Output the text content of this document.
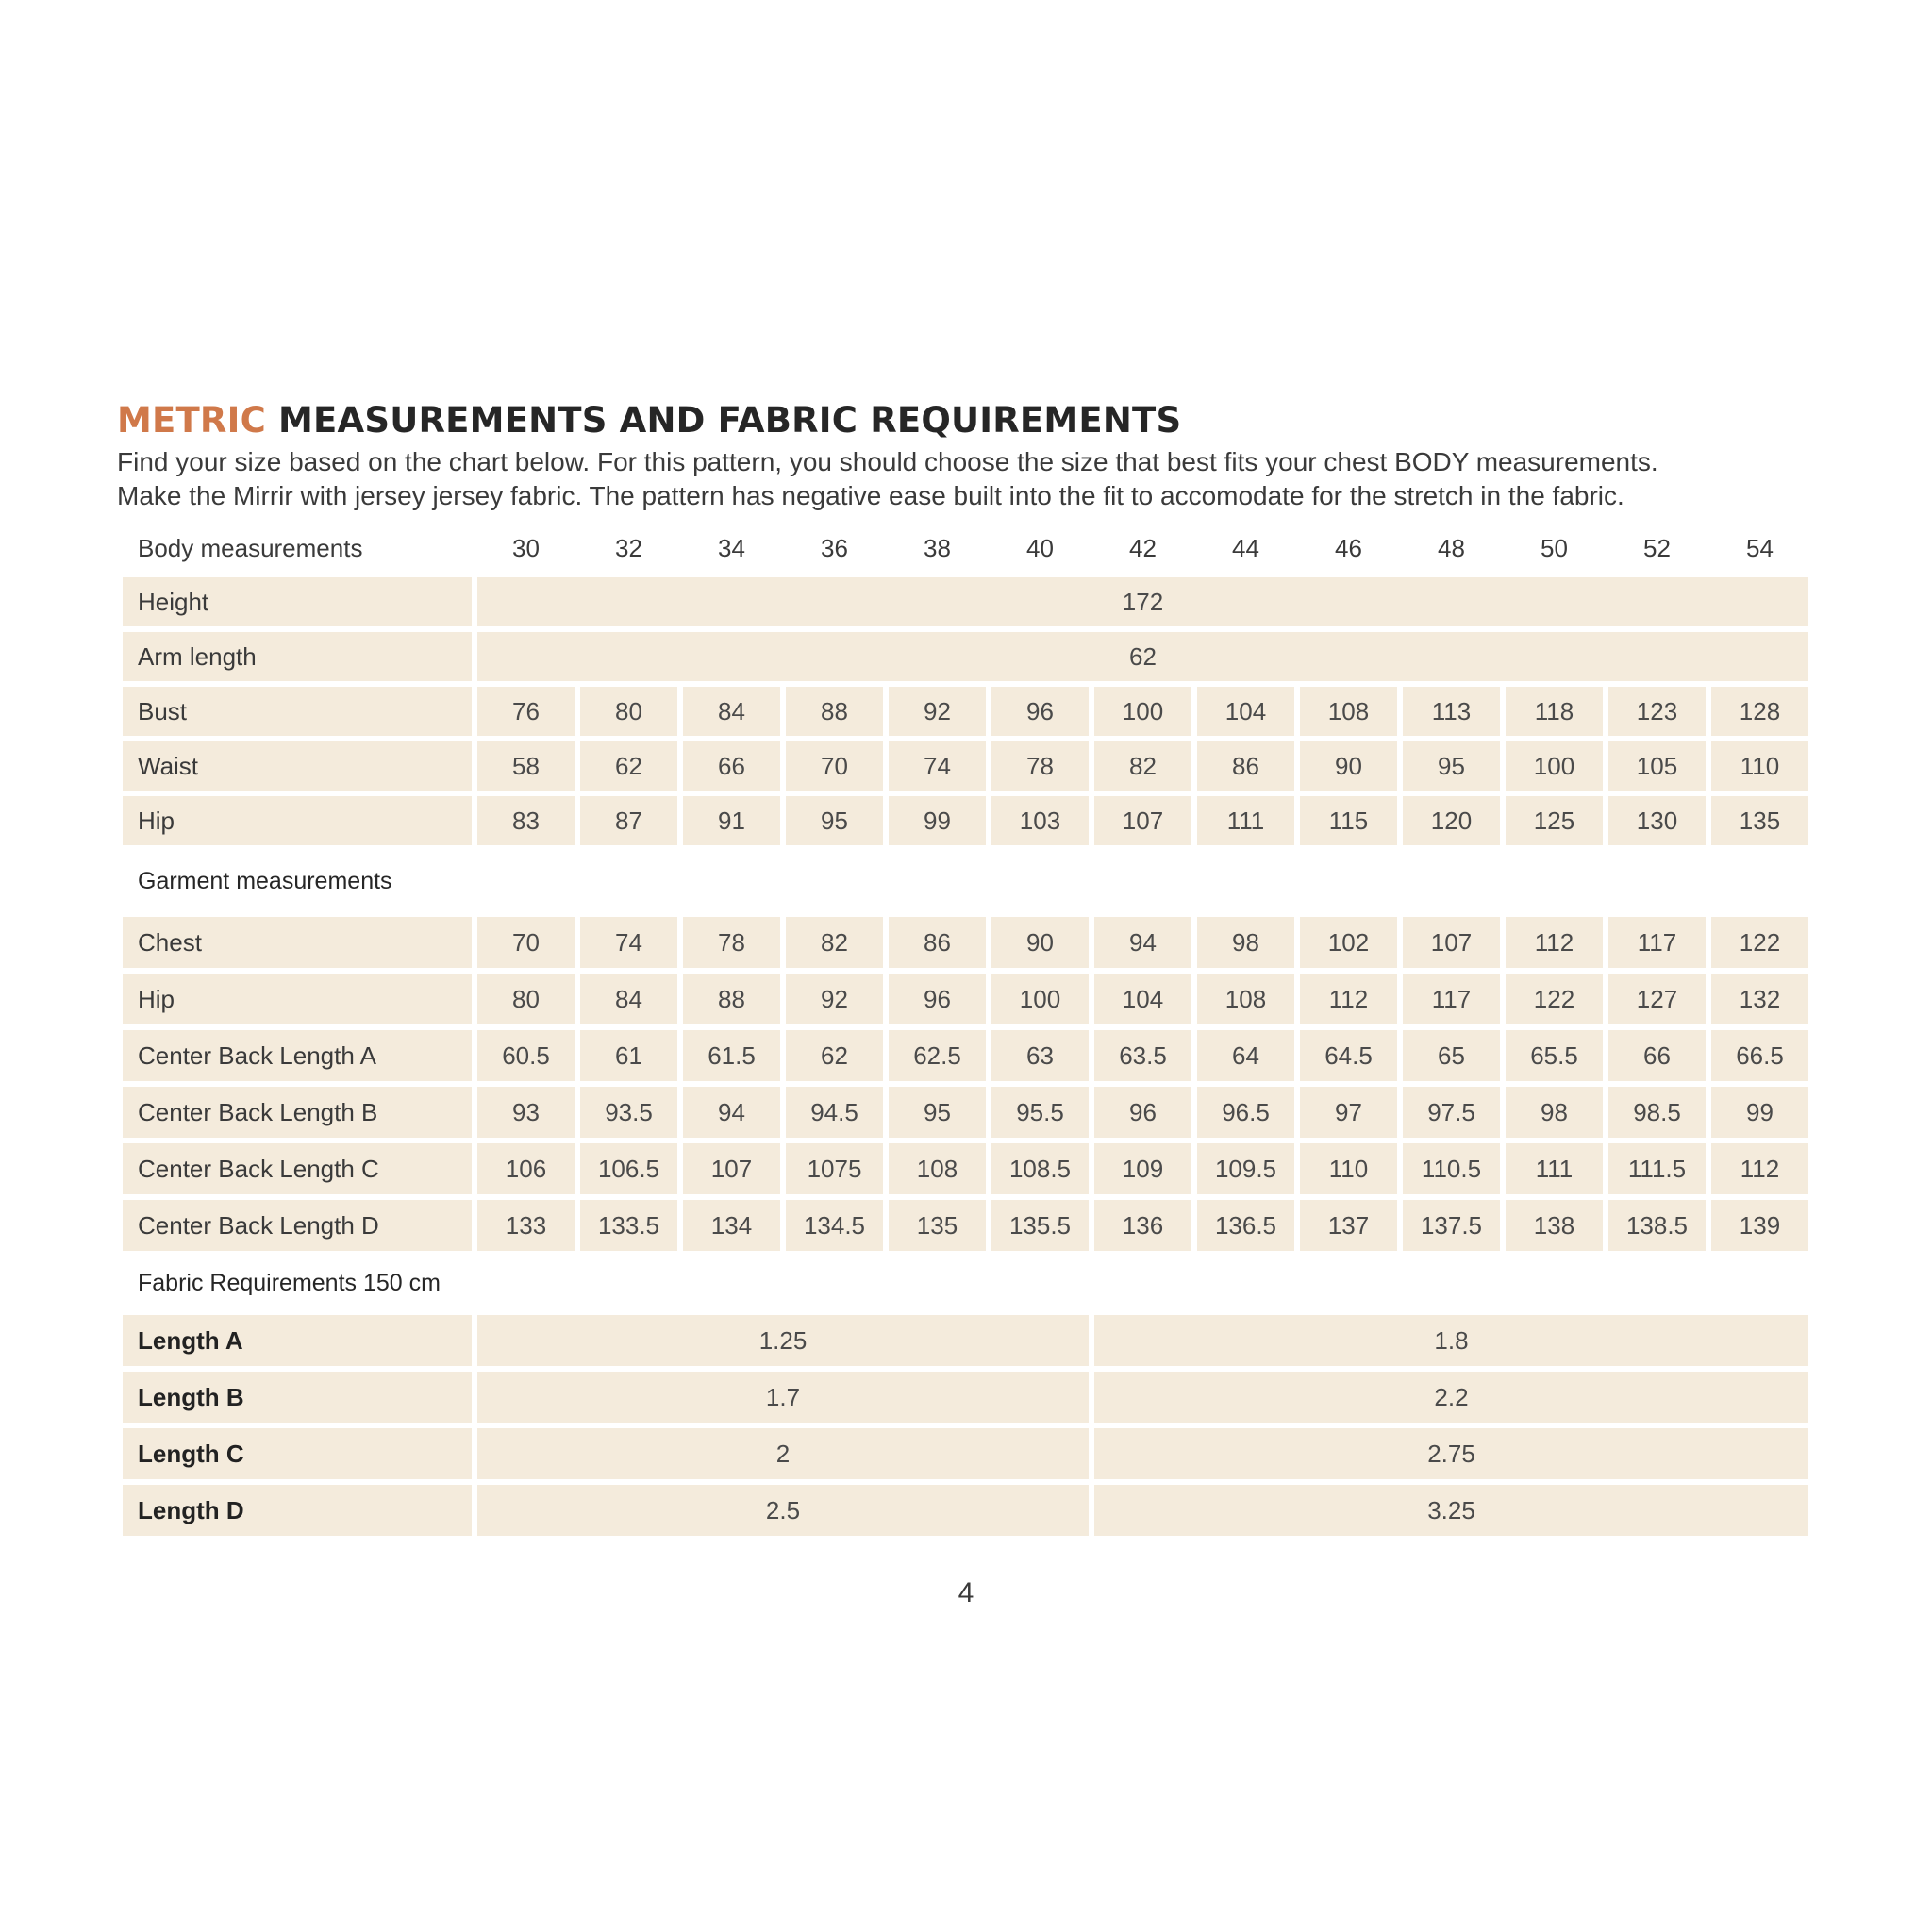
METRIC MEASUREMENTS AND FABRIC REQUIREMENTS

Find your size based on the chart below. For this pattern, you should choose the size that best fits your chest BODY measurements.
Make the Mirrir with jersey jersey fabric. The pattern has negative ease built into the fit to accomodate for the stretch in the fabric.

Body measurements	30	32	34	36	38	40	42	44	46	48	50	52	54
Height	172
Arm length	62
Bust	76	80	84	88	92	96	100	104	108	113	118	123	128
Waist	58	62	66	70	74	78	82	86	90	95	100	105	110
Hip	83	87	91	95	99	103	107	111	115	120	125	130	135
Garment measurements
Chest	70	74	78	82	86	90	94	98	102	107	112	117	122
Hip	80	84	88	92	96	100	104	108	112	117	122	127	132
Center Back Length A	60.5	61	61.5	62	62.5	63	63.5	64	64.5	65	65.5	66	66.5
Center Back Length B	93	93.5	94	94.5	95	95.5	96	96.5	97	97.5	98	98.5	99
Center Back Length C	106	106.5	107	1075	108	108.5	109	109.5	110	110.5	111	111.5	112
Center Back Length D	133	133.5	134	134.5	135	135.5	136	136.5	137	137.5	138	138.5	139
Fabric Requirements 150 cm
Length A	1.25	1.8
Length B	1.7	2.2
Length C	2	2.75
Length D	2.5	3.25
4
